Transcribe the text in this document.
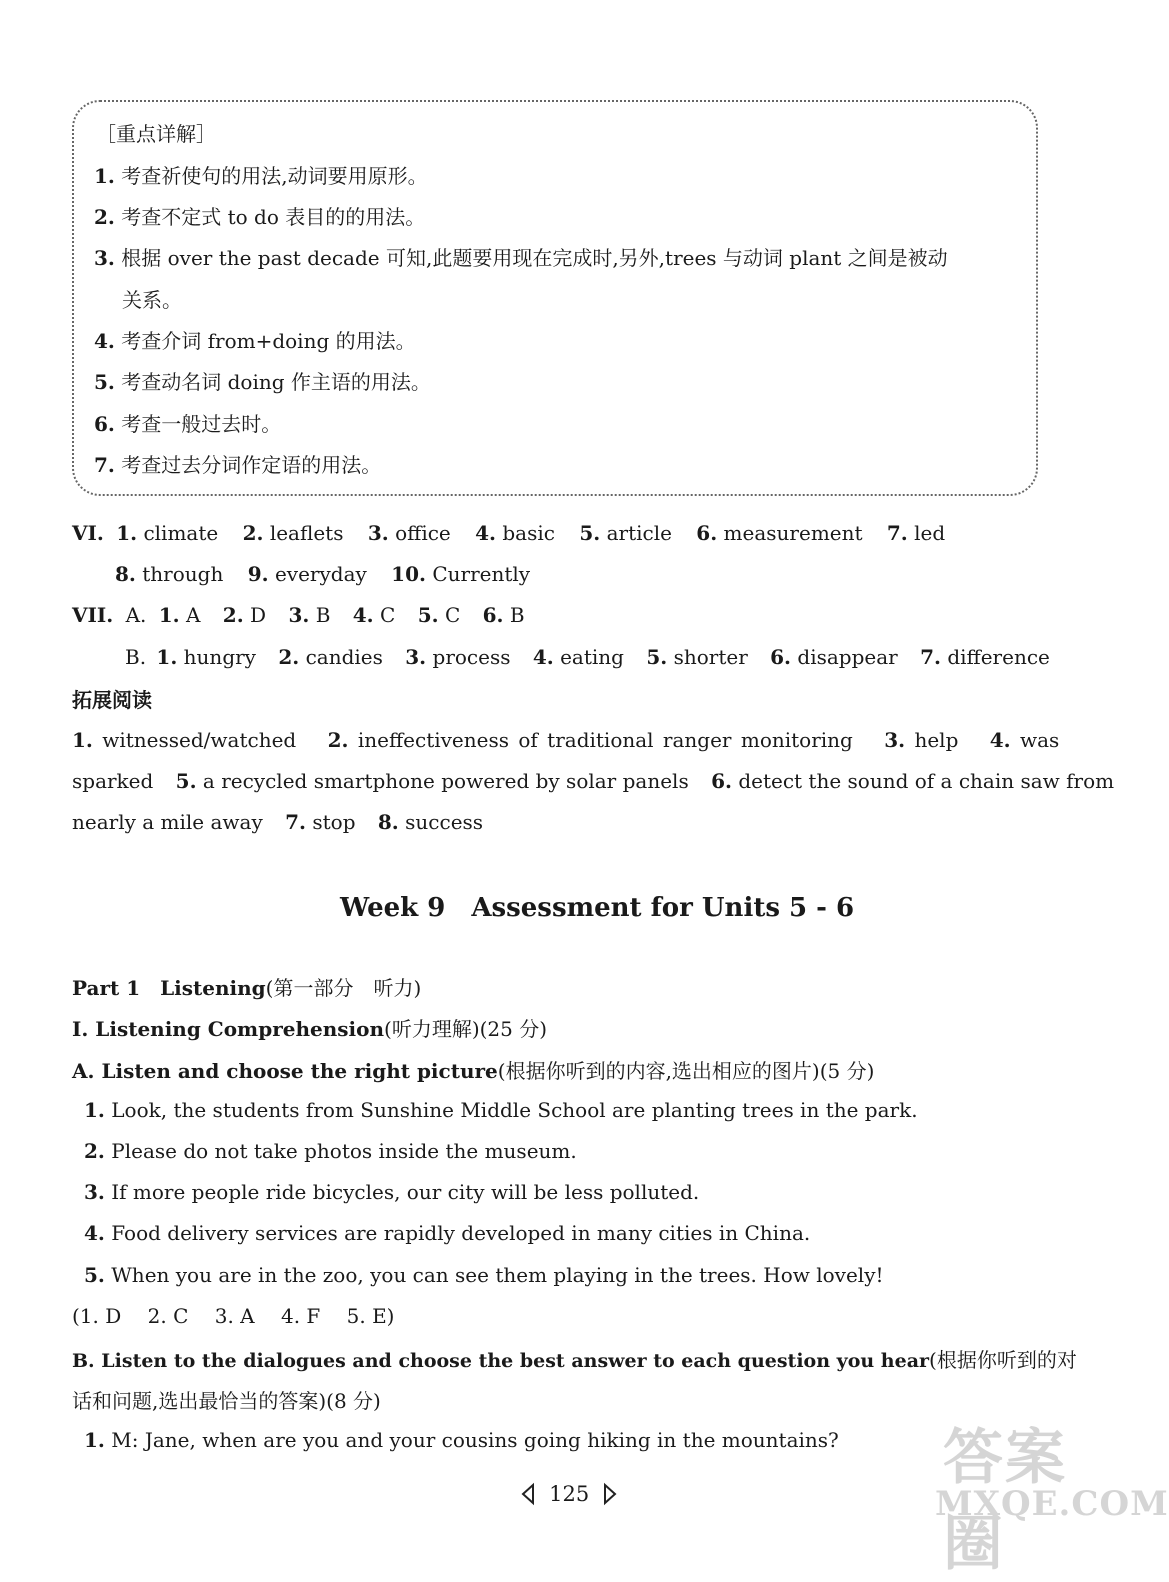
［重点详解］
1. 考查祈使句的用法,动词要用原形。
2. 考查不定式 to do 表目的的用法。
3. 根据 over the past decade 可知,此题要用现在完成时,另外,trees 与动词 plant 之间是被动
关系。
4. 考查介词 from+doing 的用法。
5. 考查动名词 doing 作主语的用法。
6. 考查一般过去时。
7. 考查过去分词作定语的用法。
VI. 1. climate 2. leaflets 3. office 4. basic 5. article 6. measurement 7. led
8. through 9. everyday 10. Currently
VII. A. 1. A 2. D 3. B 4. C 5. C 6. B
B. 1. hungry 2. candies 3. process 4. eating 5. shorter 6. disappear 7. difference
拓展阅读
1. witnessed/watched 2. ineffectiveness of traditional ranger monitoring 3. help 4. was
sparked 5. a recycled smartphone powered by solar panels 6. detect the sound of a chain saw from
nearly a mile away 7. stop 8. success
Week 9　Assessment for Units 5 - 6
Part 1　Listening(第一部分　听力)
I. Listening Comprehension(听力理解)(25 分)
A. Listen and choose the right picture(根据你听到的内容,选出相应的图片)(5 分)
1. Look, the students from Sunshine Middle School are planting trees in the park.
2. Please do not take photos inside the museum.
3. If more people ride bicycles, our city will be less polluted.
4. Food delivery services are rapidly developed in many cities in China.
5. When you are in the zoo, you can see them playing in the trees. How lovely!
(1. D　 2. C　 3. A　 4. F　 5. E)
B. Listen to the dialogues and choose the best answer to each question you hear(根据你听到的对
话和问题,选出最恰当的答案)(8 分)
1. M: Jane, when are you and your cousins going hiking in the mountains?
125
答案圈
MXQE.COM
